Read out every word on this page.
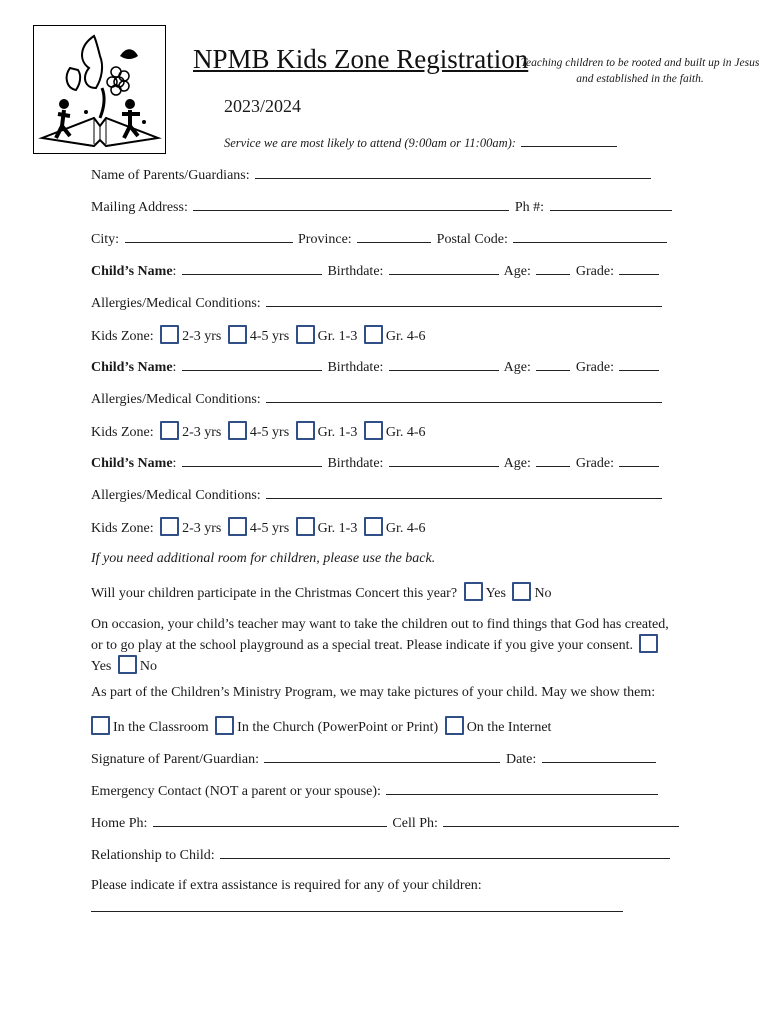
NPMB Kids Zone Registration
Teaching children to be rooted and built up in Jesus and established in the faith.
2023/2024
Service we are most likely to attend (9:00am or 11:00am):
Name of Parents/Guardians:
Mailing Address:	Ph #:
City:	Province:	Postal Code:
Child’s Name:	Birthdate:	Age:	Grade:
Allergies/Medical Conditions:
Kids Zone: 2-3 yrs 4-5 yrs Gr. 1-3 Gr. 4-6
Child’s Name:	Birthdate:	Age:	Grade:
Allergies/Medical Conditions:
Kids Zone: 2-3 yrs 4-5 yrs Gr. 1-3 Gr. 4-6
Child’s Name:	Birthdate:	Age:	Grade:
Allergies/Medical Conditions:
Kids Zone: 2-3 yrs 4-5 yrs Gr. 1-3 Gr. 4-6
If you need additional room for children, please use the back.
Will your children participate in the Christmas Concert this year? Yes No
On occasion, your child’s teacher may want to take the children out to find things that God has created, or to go play at the school playground as a special treat. Please indicate if you give your consent. Yes No
As part of the Children’s Ministry Program, we may take pictures of your child. May we show them:
In the Classroom In the Church (PowerPoint or Print) On the Internet
Signature of Parent/Guardian:	Date:
Emergency Contact (NOT a parent or your spouse):
Home Ph:	Cell Ph:
Relationship to Child:
Please indicate if extra assistance is required for any of your children:
